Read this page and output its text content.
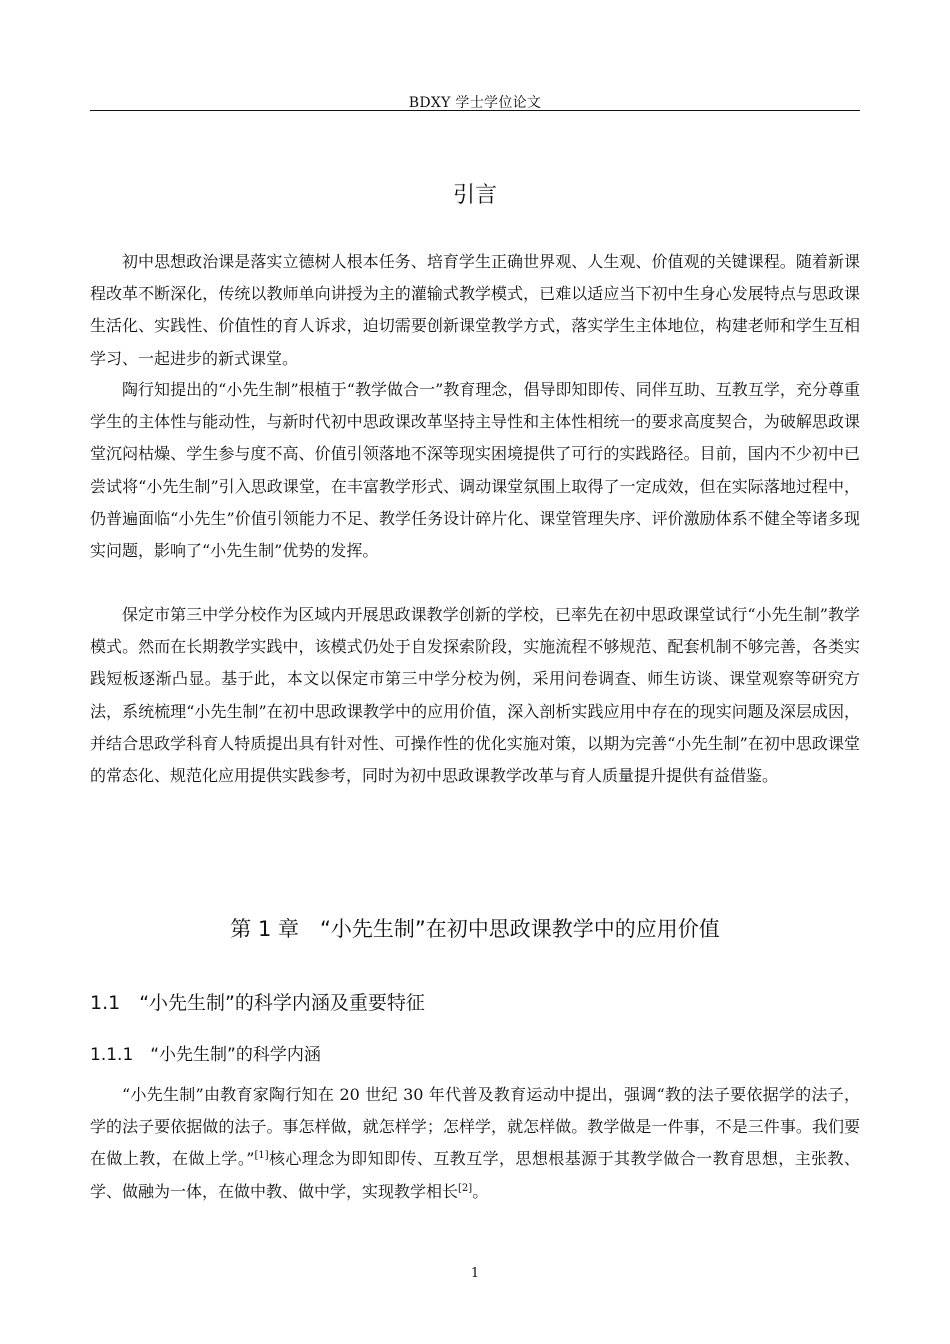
BDXY 学士学位论文
引言

初中思想政治课是落实立德树人根本任务、培育学生正确世界观、人生观、价值观的关键课程。随着新课程改革不断深化，传统以教师单向讲授为主的灌输式教学模式，已难以适应当下初中生身心发展特点与思政课生活化、实践性、价值性的育人诉求，迫切需要创新课堂教学方式，落实学生主体地位，构建老师和学生互相学习、一起进步的新式课堂。

陶行知提出的“小先生制”根植于“教学做合一”教育理念，倡导即知即传、同伴互助、互教互学，充分尊重学生的主体性与能动性，与新时代初中思政课改革坚持主导性和主体性相统一的要求高度契合，为破解思政课堂沉闷枯燥、学生参与度不高、价值引领落地不深等现实困境提供了可行的实践路径。目前，国内不少初中已尝试将“小先生制”引入思政课堂，在丰富教学形式、调动课堂氛围上取得了一定成效，但在实际落地过程中，仍普遍面临“小先生”价值引领能力不足、教学任务设计碎片化、课堂管理失序、评价激励体系不健全等诸多现实问题，影响了“小先生制”优势的发挥。

保定市第三中学分校作为区域内开展思政课教学创新的学校，已率先在初中思政课堂试行“小先生制”教学模式。然而在长期教学实践中，该模式仍处于自发探索阶段，实施流程不够规范、配套机制不够完善，各类实践短板逐渐凸显。基于此，本文以保定市第三中学分校为例，采用问卷调查、师生访谈、课堂观察等研究方法，系统梳理“小先生制”在初中思政课教学中的应用价值，深入剖析实践应用中存在的现实问题及深层成因，并结合思政学科育人特质提出具有针对性、可操作性的优化实施对策，以期为完善“小先生制”在初中思政课堂的常态化、规范化应用提供实践参考，同时为初中思政课教学改革与育人质量提升提供有益借鉴。

第 1 章　“小先生制”在初中思政课教学中的应用价值
1.1　“小先生制”的科学内涵及重要特征
1.1.1　“小先生制”的科学内涵

“小先生制”由教育家陶行知在 20 世纪 30 年代普及教育运动中提出，强调“教的法子要依据学的法子，学的法子要依据做的法子。事怎样做，就怎样学；怎样学，就怎样做。教学做是一件事，不是三件事。我们要在做上教，在做上学。”[1]核心理念为即知即传、互教互学，思想根基源于其教学做合一教育思想，主张教、学、做融为一体，在做中教、做中学，实现教学相长[2]。

1
